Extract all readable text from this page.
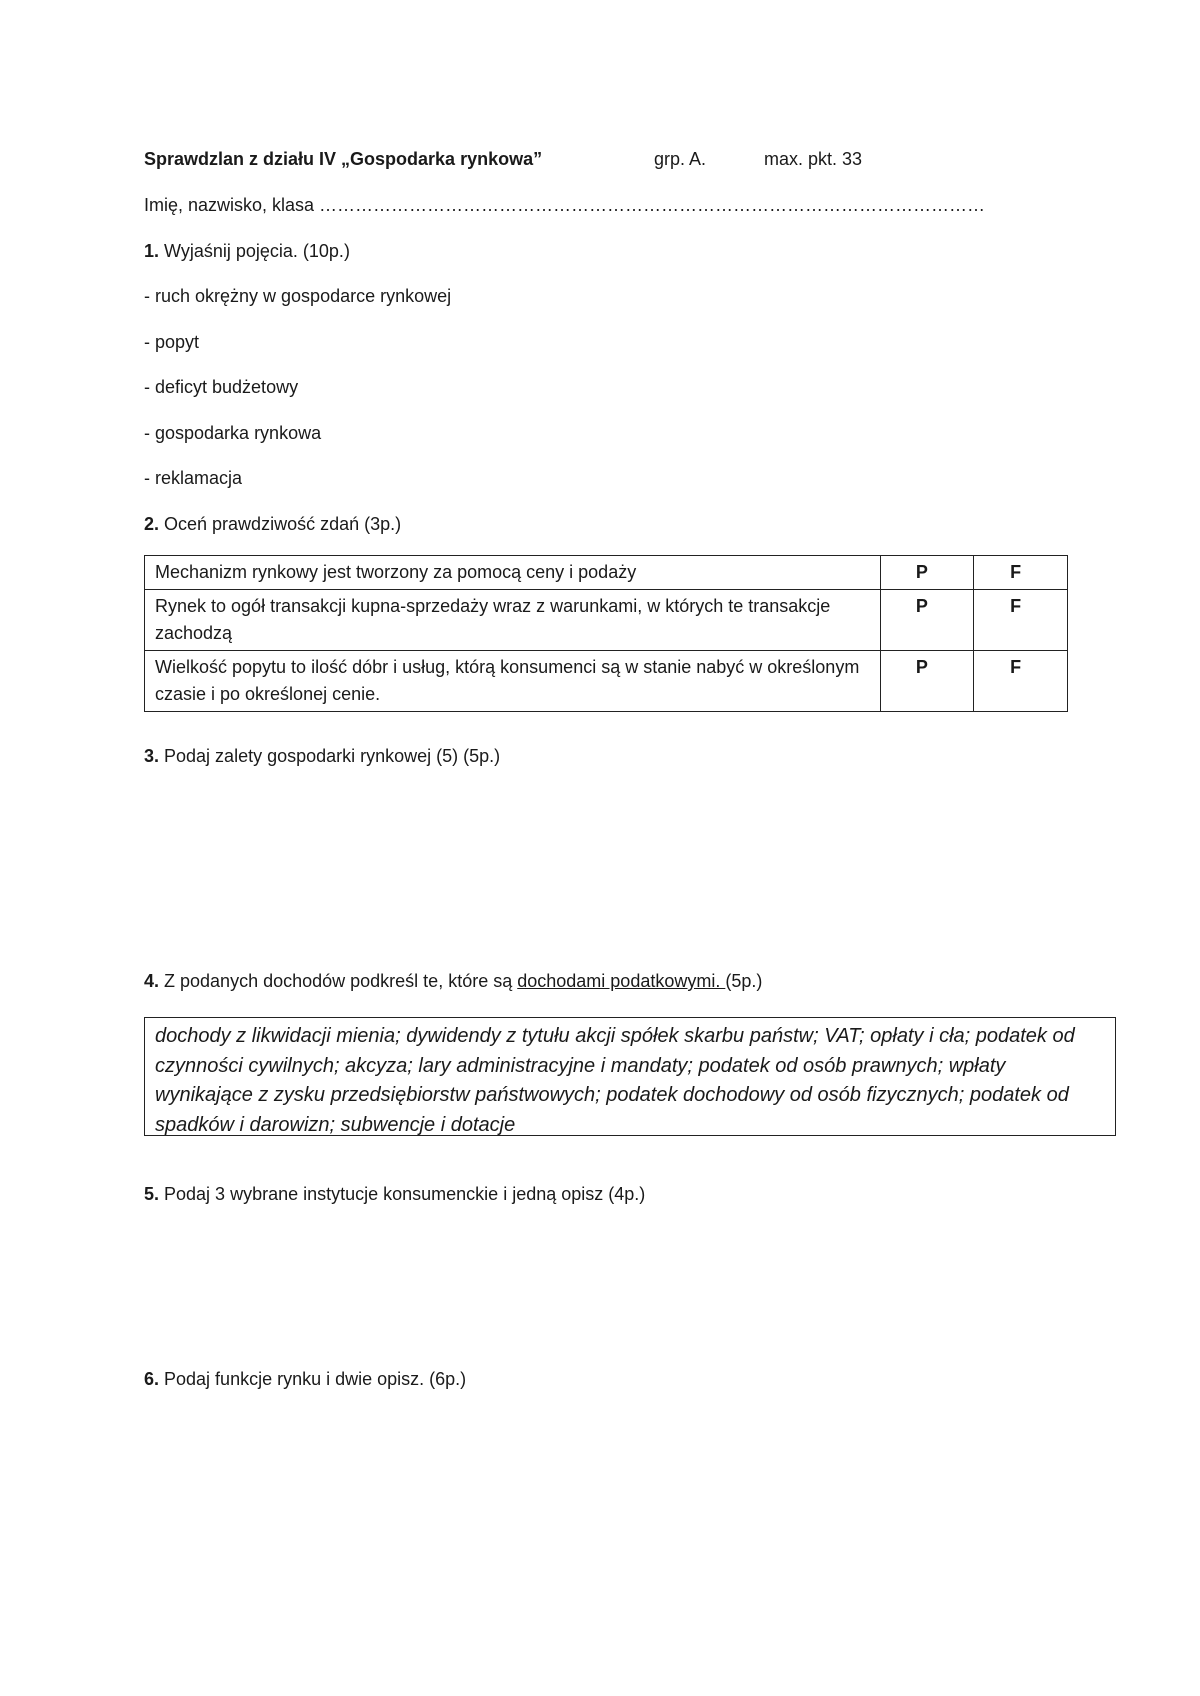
Sprawdzlan z działu IV „Gospodarka rynkowa”	grp. A.	max. pkt. 33
Imię, nazwisko, klasa …………………………………………………………………………………………………
1. Wyjaśnij pojęcia. (10p.)
- ruch okrężny w gospodarce rynkowej
- popyt
- deficyt budżetowy
- gospodarka rynkowa
- reklamacja
2. Oceń prawdziwość zdań (3p.)
Mechanizm rynkowy jest tworzony za pomocą ceny i podaży	P	F
Rynek to ogół transakcji kupna-sprzedaży wraz z warunkami, w których te transakcje zachodzą	P	F
Wielkość popytu to ilość dóbr i usług, którą konsumenci są w stanie nabyć w określonym czasie i po określonej cenie.	P	F
3. Podaj zalety gospodarki rynkowej (5) (5p.)
4. Z podanych dochodów podkreśl te, które są dochodami podatkowymi. (5p.)
dochody z likwidacji mienia; dywidendy z tytułu akcji spółek skarbu państw; VAT; opłaty i cła; podatek od czynności cywilnych; akcyza; lary administracyjne i mandaty; podatek od osób prawnych; wpłaty wynikające z zysku przedsiębiorstw państwowych; podatek dochodowy od osób fizycznych; podatek od spadków i darowizn; subwencje i dotacje
5. Podaj 3 wybrane instytucje konsumenckie i jedną opisz (4p.)
6. Podaj funkcje rynku i dwie opisz. (6p.)
